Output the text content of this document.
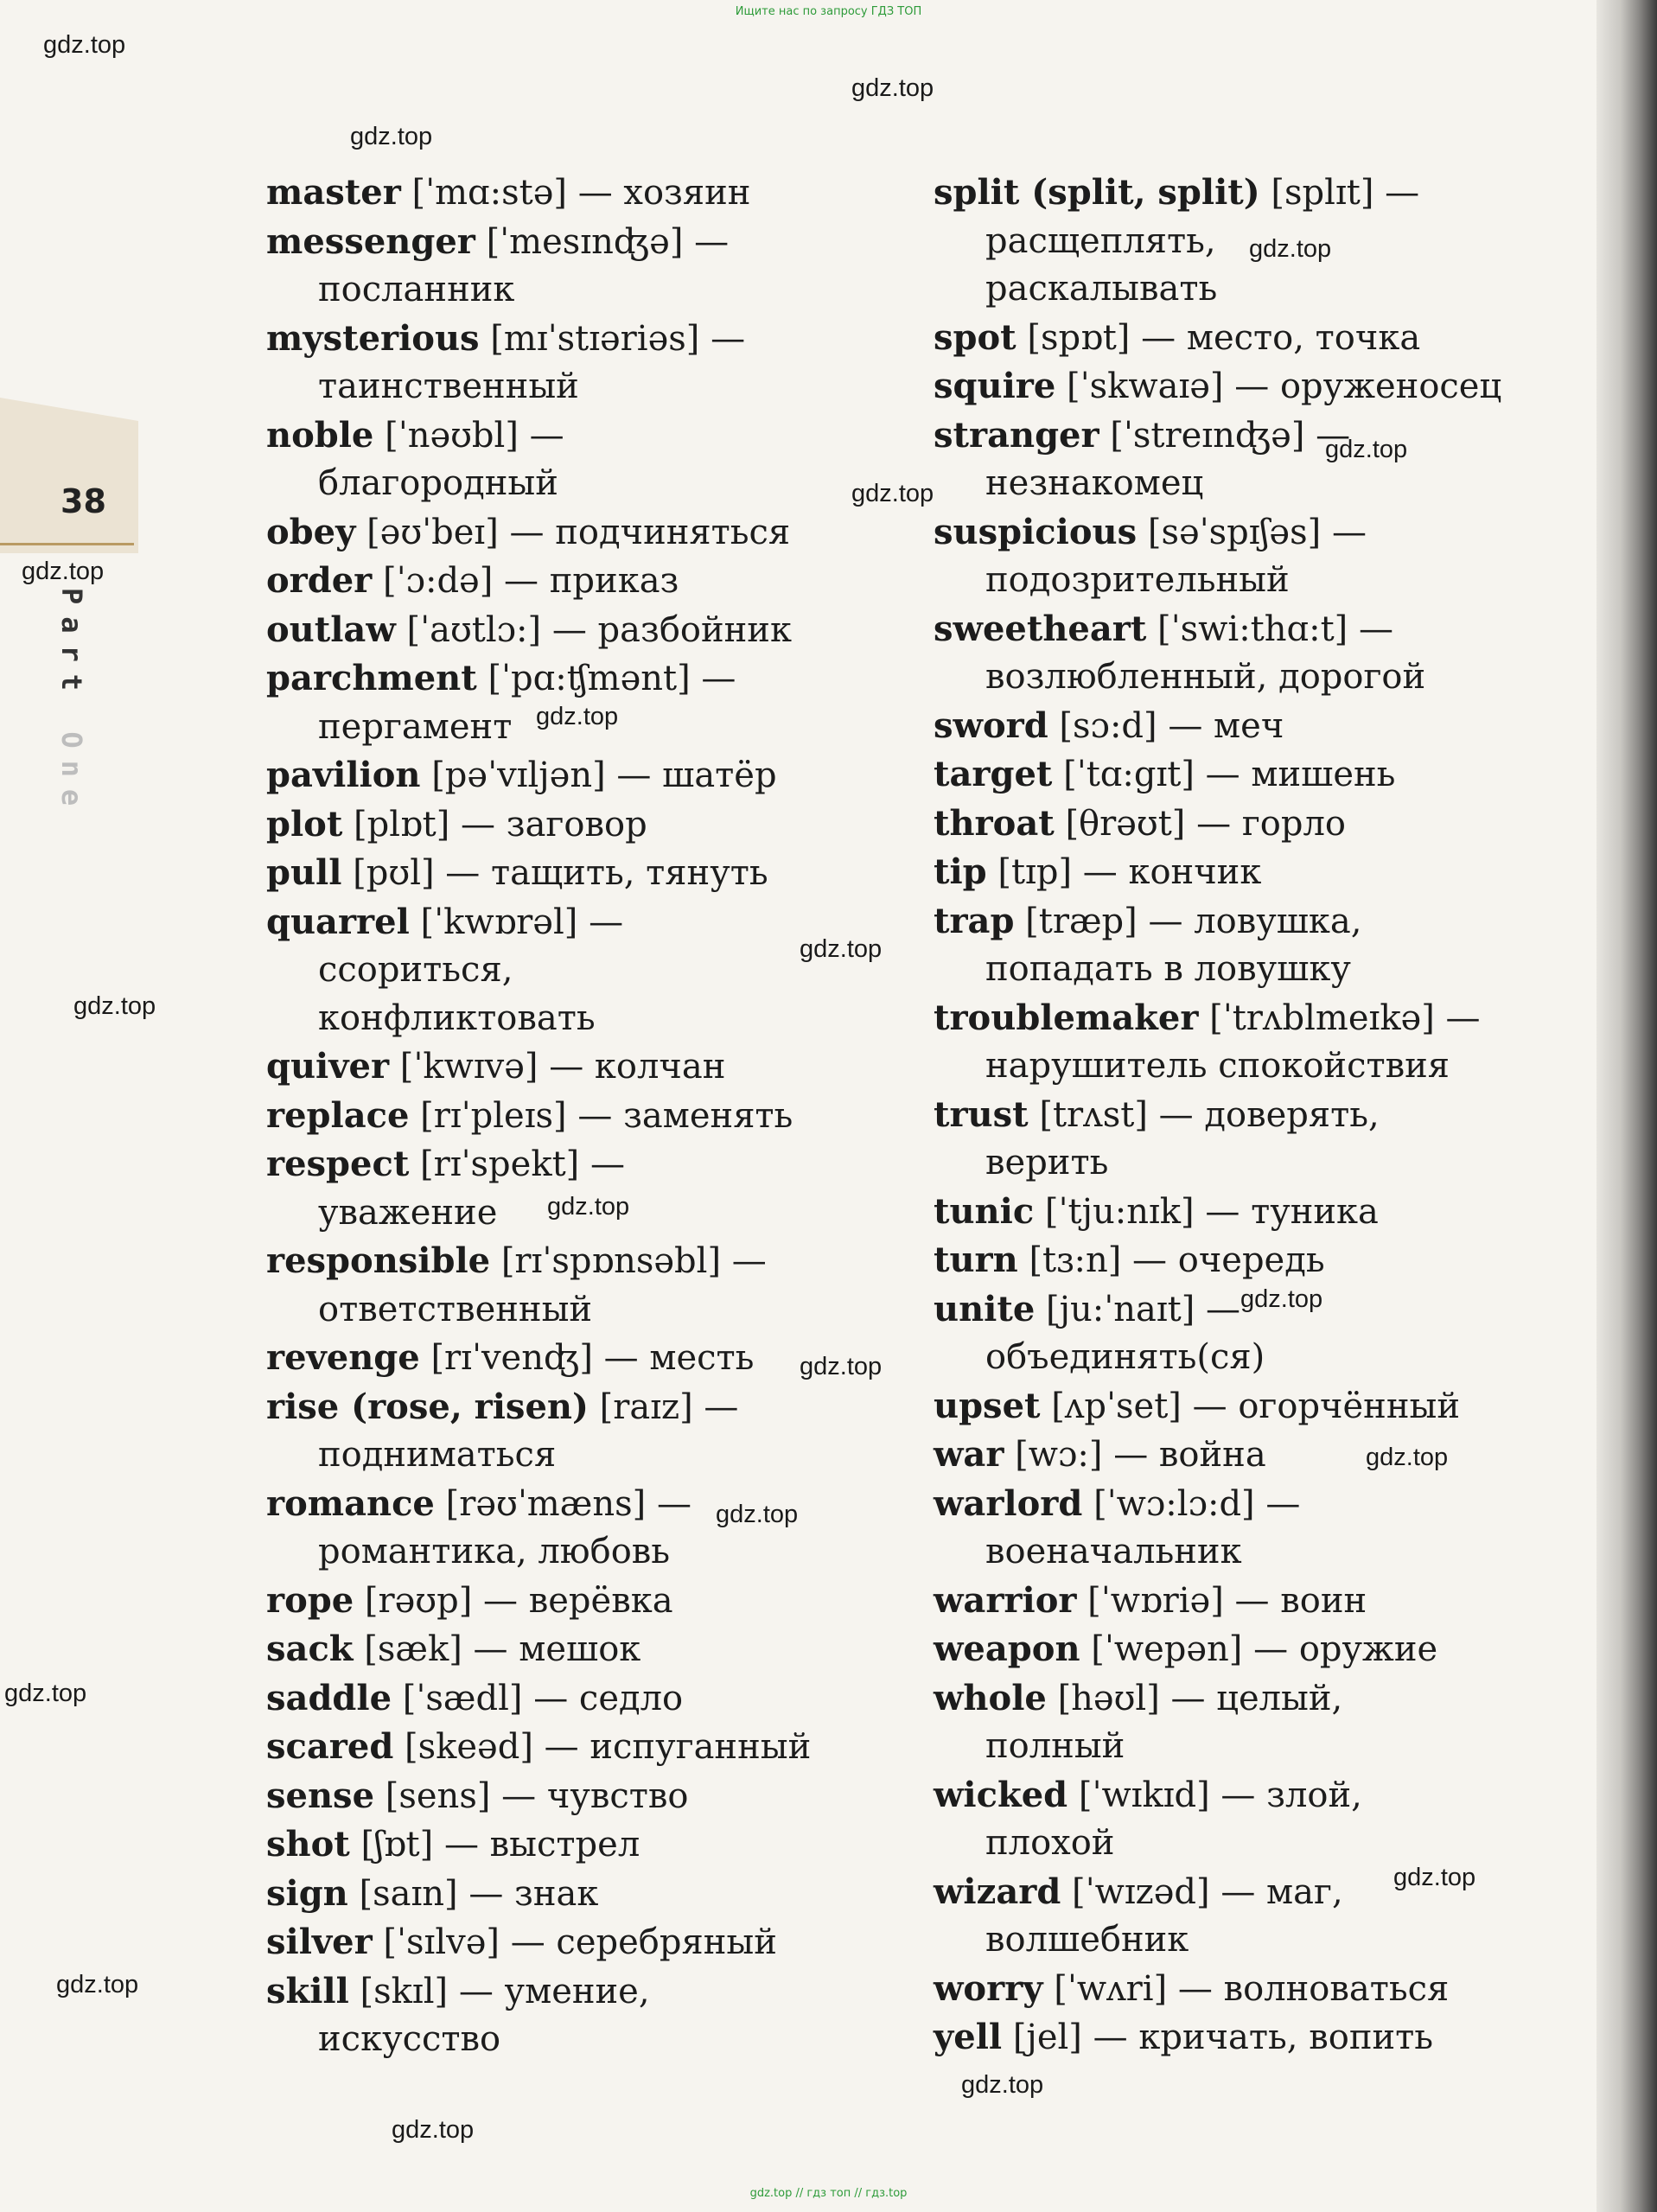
Ищите нас по запросу ГДЗ ТОП
38
Part One
master [ˈmɑ:stə] — хозяин
messenger [ˈmesɪnʤə] —
посланник
mysterious [mɪˈstɪəriəs] —
таинственный
noble [ˈnəʊbl] —
благородный
obey [əʊˈbeɪ] — подчиняться
order [ˈɔ:də] — приказ
outlaw [ˈaʊtlɔ:] — разбойник
parchment [ˈpɑ:ʧmənt] —
пергамент
pavilion [pəˈvɪljən] — шатёр
plot [plɒt] — заговор
pull [pʊl] — тащить, тянуть
quarrel [ˈkwɒrəl] —
ссориться,
конфликтовать
quiver [ˈkwɪvə] — колчан
replace [rɪˈpleɪs] — заменять
respect [rɪˈspekt] —
уважение
responsible [rɪˈspɒnsəbl] —
ответственный
revenge [rɪˈvenʤ] — месть
rise (rose, risen) [raɪz] —
подниматься
romance [rəʊˈmæns] —
романтика, любовь
rope [rəʊp] — верёвка
sack [sæk] — мешок
saddle [ˈsædl] — седло
scared [skeəd] — испуганный
sense [sens] — чувство
shot [ʃɒt] — выстрел
sign [saɪn] — знак
silver [ˈsɪlvə] — серебряный
skill [skɪl] — умение,
искусство
split (split, split) [splɪt] —
расщеплять,
раскалывать
spot [spɒt] — место, точка
squire [ˈskwaɪə] — оруженосец
stranger [ˈstreɪnʤə] —
незнакомец
suspicious [səˈspɪʃəs] —
подозрительный
sweetheart [ˈswi:thɑ:t] —
возлюбленный, дорогой
sword [sɔ:d] — меч
target [ˈtɑ:gɪt] — мишень
throat [θrəʊt] — горло
tip [tɪp] — кончик
trap [træp] — ловушка,
попадать в ловушку
troublemaker [ˈtrʌblmeɪkə] —
нарушитель спокойствия
trust [trʌst] — доверять,
верить
tunic [ˈtju:nɪk] — туника
turn [tɜ:n] — очередь
unite [ju:ˈnaɪt] —
объединять(ся)
upset [ʌpˈset] — огорчённый
war [wɔ:] — война
warlord [ˈwɔ:lɔ:d] —
военачальник
warrior [ˈwɒriə] — воин
weapon [ˈwepən] — оружие
whole [həʊl] — целый,
полный
wicked [ˈwɪkɪd] — злой,
плохой
wizard [ˈwɪzəd] — маг,
волшебник
worry [ˈwʌri] — волноваться
yell [jel] — кричать, вопить
gdz.top
gdz.top
gdz.top
gdz.top
gdz.top
gdz.top
gdz.top
gdz.top
gdz.top
gdz.top
gdz.top
gdz.top
gdz.top
gdz.top
gdz.top
gdz.top
gdz.top
gdz.top
gdz.top
gdz.top
gdz.top // гдз топ // гдз.top
